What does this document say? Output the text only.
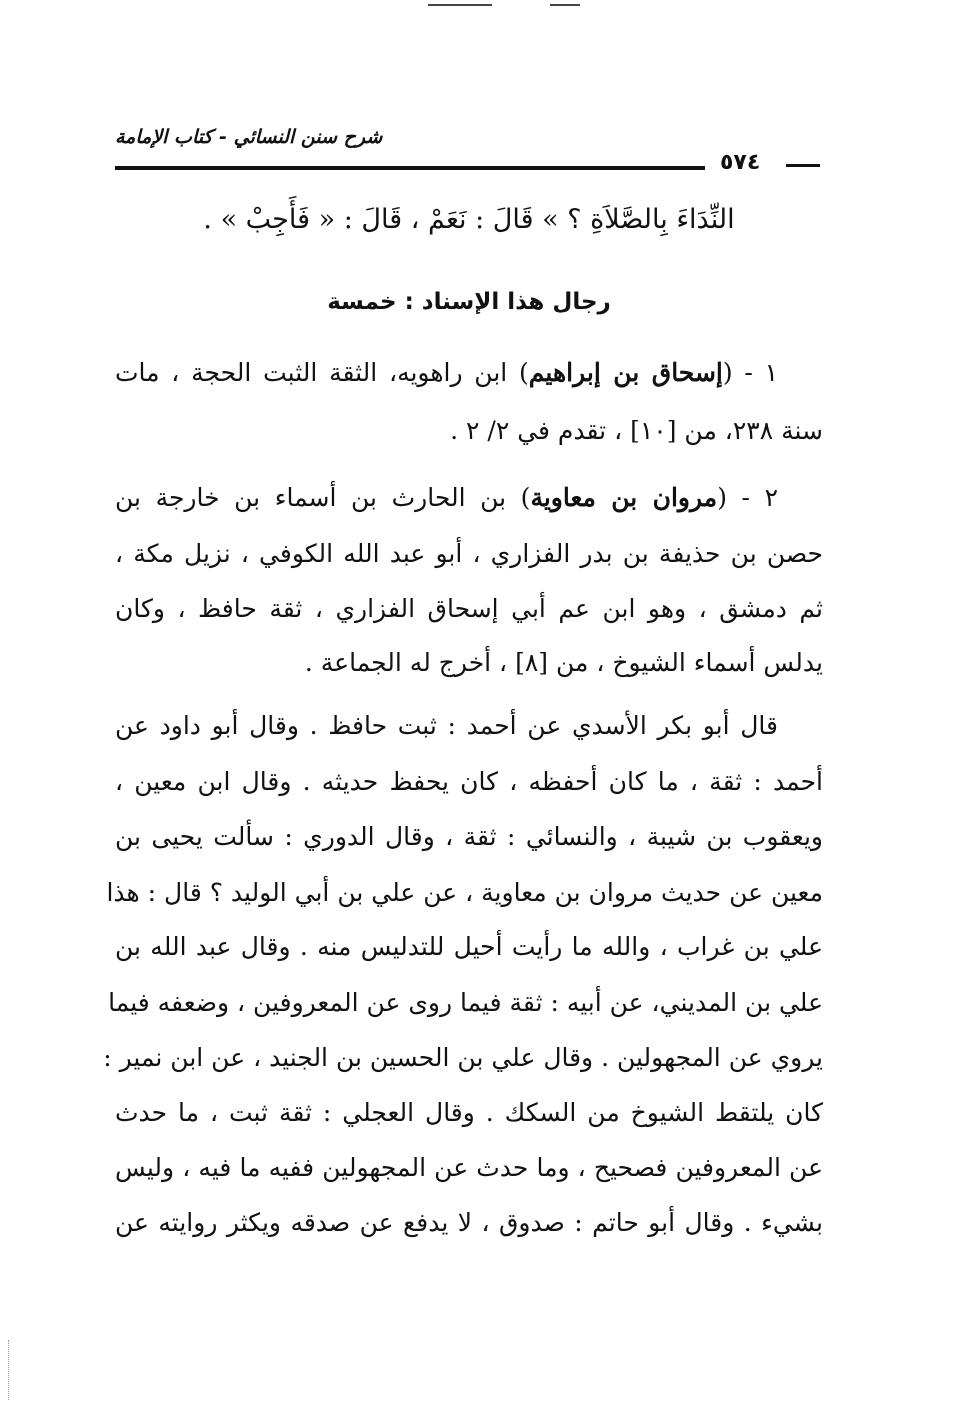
شرح سنن النسائي - كتاب الإمامة
٥٧٤
النِّدَاءَ بِالصَّلاَةِ ؟ » قَالَ : نَعَمْ ، قَالَ : « فَأَجِبْ » .
رجال هذا الإسناد : خمسة
١ - (إسحاق بن إبراهيم) ابن راهويه، الثقة الثبت الحجة ، مات
سنة ٢٣٨، من [١٠] ، تقدم في ٢/ ٢ .
٢ - (مروان بن معاوية) بن الحارث بن أسماء بن خارجة بن
حصن بن حذيفة بن بدر الفزاري ، أبو عبد الله الكوفي ، نزيل مكة ،
ثم دمشق ، وهو ابن عم أبي إسحاق الفزاري ، ثقة حافظ ، وكان
يدلس أسماء الشيوخ ، من [٨] ، أخرج له الجماعة .
قال أبو بكر الأسدي عن أحمد : ثبت حافظ . وقال أبو داود عن
أحمد : ثقة ، ما كان أحفظه ، كان يحفظ حديثه . وقال ابن معين ،
ويعقوب بن شيبة ، والنسائي : ثقة ، وقال الدوري : سألت يحيى بن
معين عن حديث مروان بن معاوية ، عن علي بن أبي الوليد ؟ قال : هذا
علي بن غراب ، والله ما رأيت أحيل للتدليس منه . وقال عبد الله بن
علي بن المديني، عن أبيه : ثقة فيما روى عن المعروفين ، وضعفه فيما
يروي عن المجهولين . وقال علي بن الحسين بن الجنيد ، عن ابن نمير :
كان يلتقط الشيوخ من السكك . وقال العجلي : ثقة ثبت ، ما حدث
عن المعروفين فصحيح ، وما حدث عن المجهولين ففيه ما فيه ، وليس
بشيء . وقال أبو حاتم : صدوق ، لا يدفع عن صدقه ويكثر روايته عن
